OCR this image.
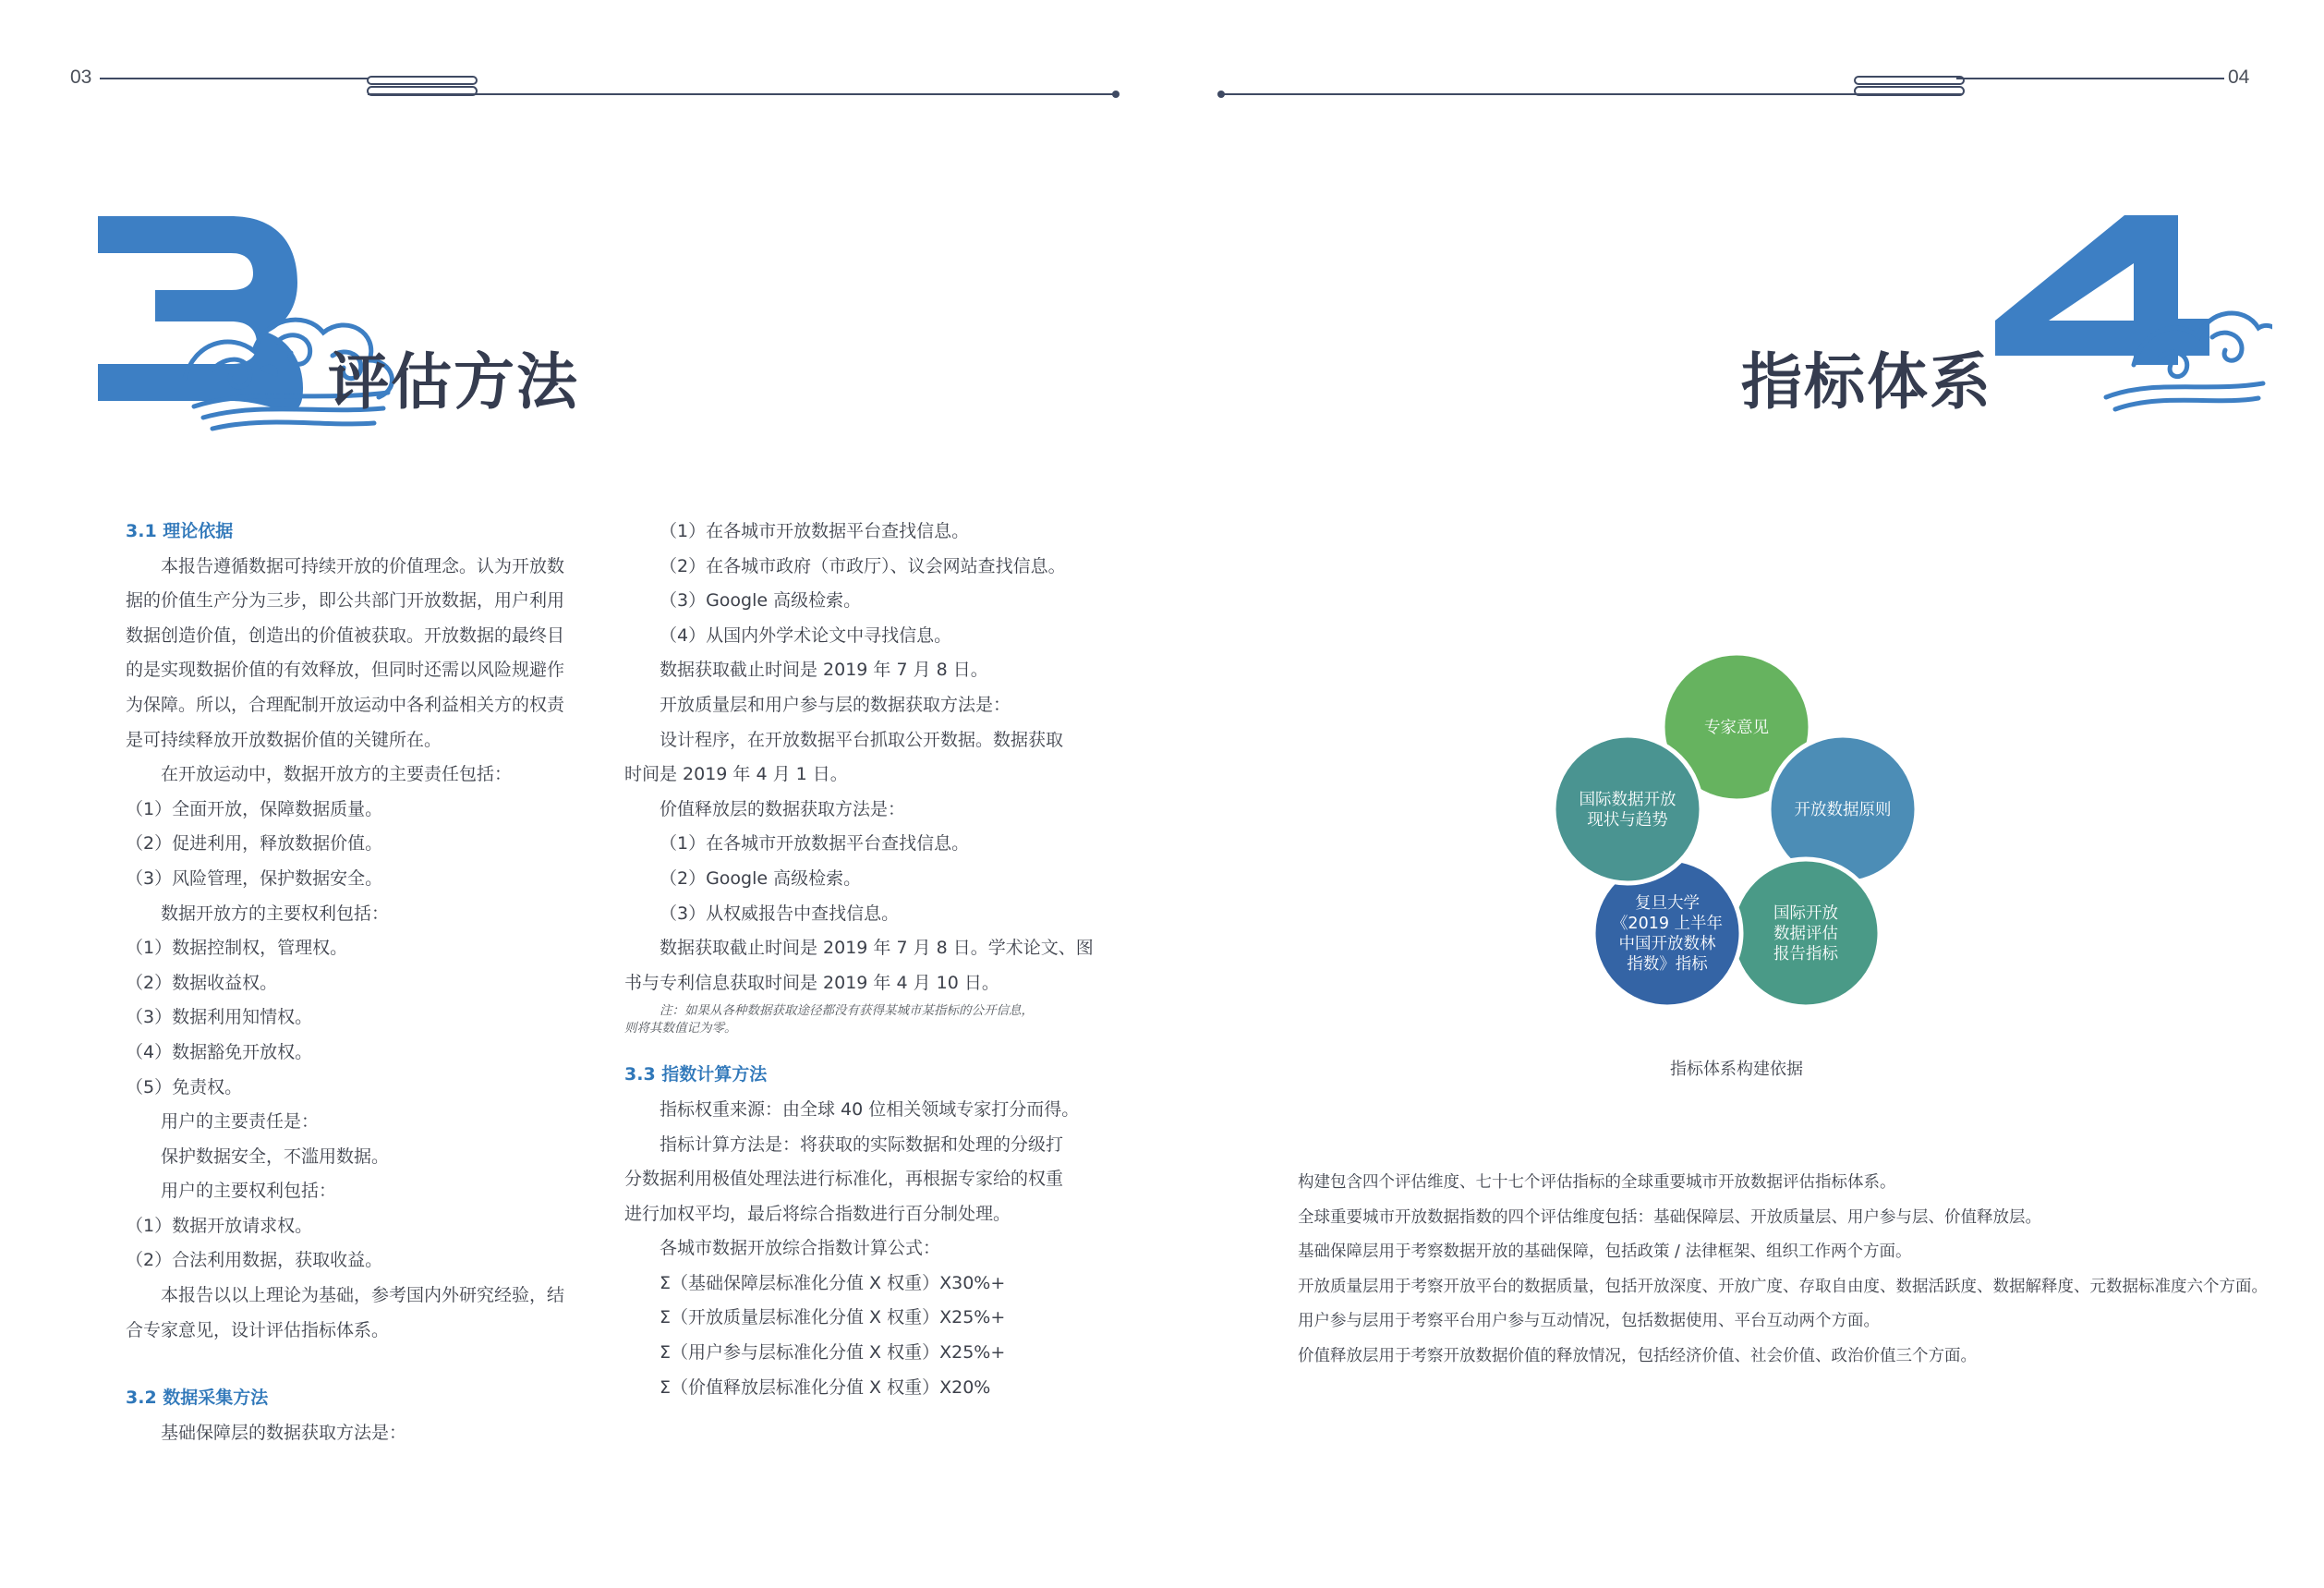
03	04
评估方法	指标体系
3.1 理论依据
本报告遵循数据可持续开放的价值理念。认为开放数
据的价值生产分为三步，即公共部门开放数据，用户利用
数据创造价值，创造出的价值被获取。开放数据的最终目
的是实现数据价值的有效释放，但同时还需以风险规避作
为保障。所以，合理配制开放运动中各利益相关方的权责
是可持续释放开放数据价值的关键所在。
在开放运动中，数据开放方的主要责任包括：
（1）全面开放，保障数据质量。
（2）促进利用，释放数据价值。
（3）风险管理，保护数据安全。
数据开放方的主要权利包括：
（1）数据控制权，管理权。
（2）数据收益权。
（3）数据利用知情权。
（4）数据豁免开放权。
（5）免责权。
用户的主要责任是：
保护数据安全，不滥用数据。
用户的主要权利包括：
（1）数据开放请求权。
（2）合法利用数据，获取收益。
本报告以以上理论为基础，参考国内外研究经验，结
合专家意见，设计评估指标体系。
3.2 数据采集方法
基础保障层的数据获取方法是：
（1）在各城市开放数据平台查找信息。
（2）在各城市政府（市政厅）、议会网站查找信息。
（3）Google 高级检索。
（4）从国内外学术论文中寻找信息。
数据获取截止时间是 2019 年 7 月 8 日。
开放质量层和用户参与层的数据获取方法是：
设计程序，在开放数据平台抓取公开数据。数据获取
时间是 2019 年 4 月 1 日。
价值释放层的数据获取方法是：
（1）在各城市开放数据平台查找信息。
（2）Google 高级检索。
（3）从权威报告中查找信息。
数据获取截止时间是 2019 年 7 月 8 日。学术论文、图
书与专利信息获取时间是 2019 年 4 月 10 日。
注：如果从各种数据获取途径都没有获得某城市某指标的公开信息，
则将其数值记为零。
3.3 指数计算方法
指标权重来源：由全球 40 位相关领域专家打分而得。
指标计算方法是：将获取的实际数据和处理的分级打
分数据利用极值处理法进行标准化，再根据专家给的权重
进行加权平均，最后将综合指数进行百分制处理。
各城市数据开放综合指数计算公式：
Σ（基础保障层标准化分值 X 权重）X30%+
Σ（开放质量层标准化分值 X 权重）X25%+
Σ（用户参与层标准化分值 X 权重）X25%+
Σ（价值释放层标准化分值 X 权重）X20%
专家意见
开放数据原则
国际开放
数据评估
报告指标
复旦大学
《2019 上半年
中国开放数林
指数》指标
国际数据开放
现状与趋势
指标体系构建依据
构建包含四个评估维度、七十七个评估指标的全球重要城市开放数据评估指标体系。
全球重要城市开放数据指数的四个评估维度包括：基础保障层、开放质量层、用户参与层、价值释放层。
基础保障层用于考察数据开放的基础保障，包括政策 / 法律框架、组织工作两个方面。
开放质量层用于考察开放平台的数据质量，包括开放深度、开放广度、存取自由度、数据活跃度、数据解释度、元数据标准度六个方面。
用户参与层用于考察平台用户参与互动情况，包括数据使用、平台互动两个方面。
价值释放层用于考察开放数据价值的释放情况，包括经济价值、社会价值、政治价值三个方面。
